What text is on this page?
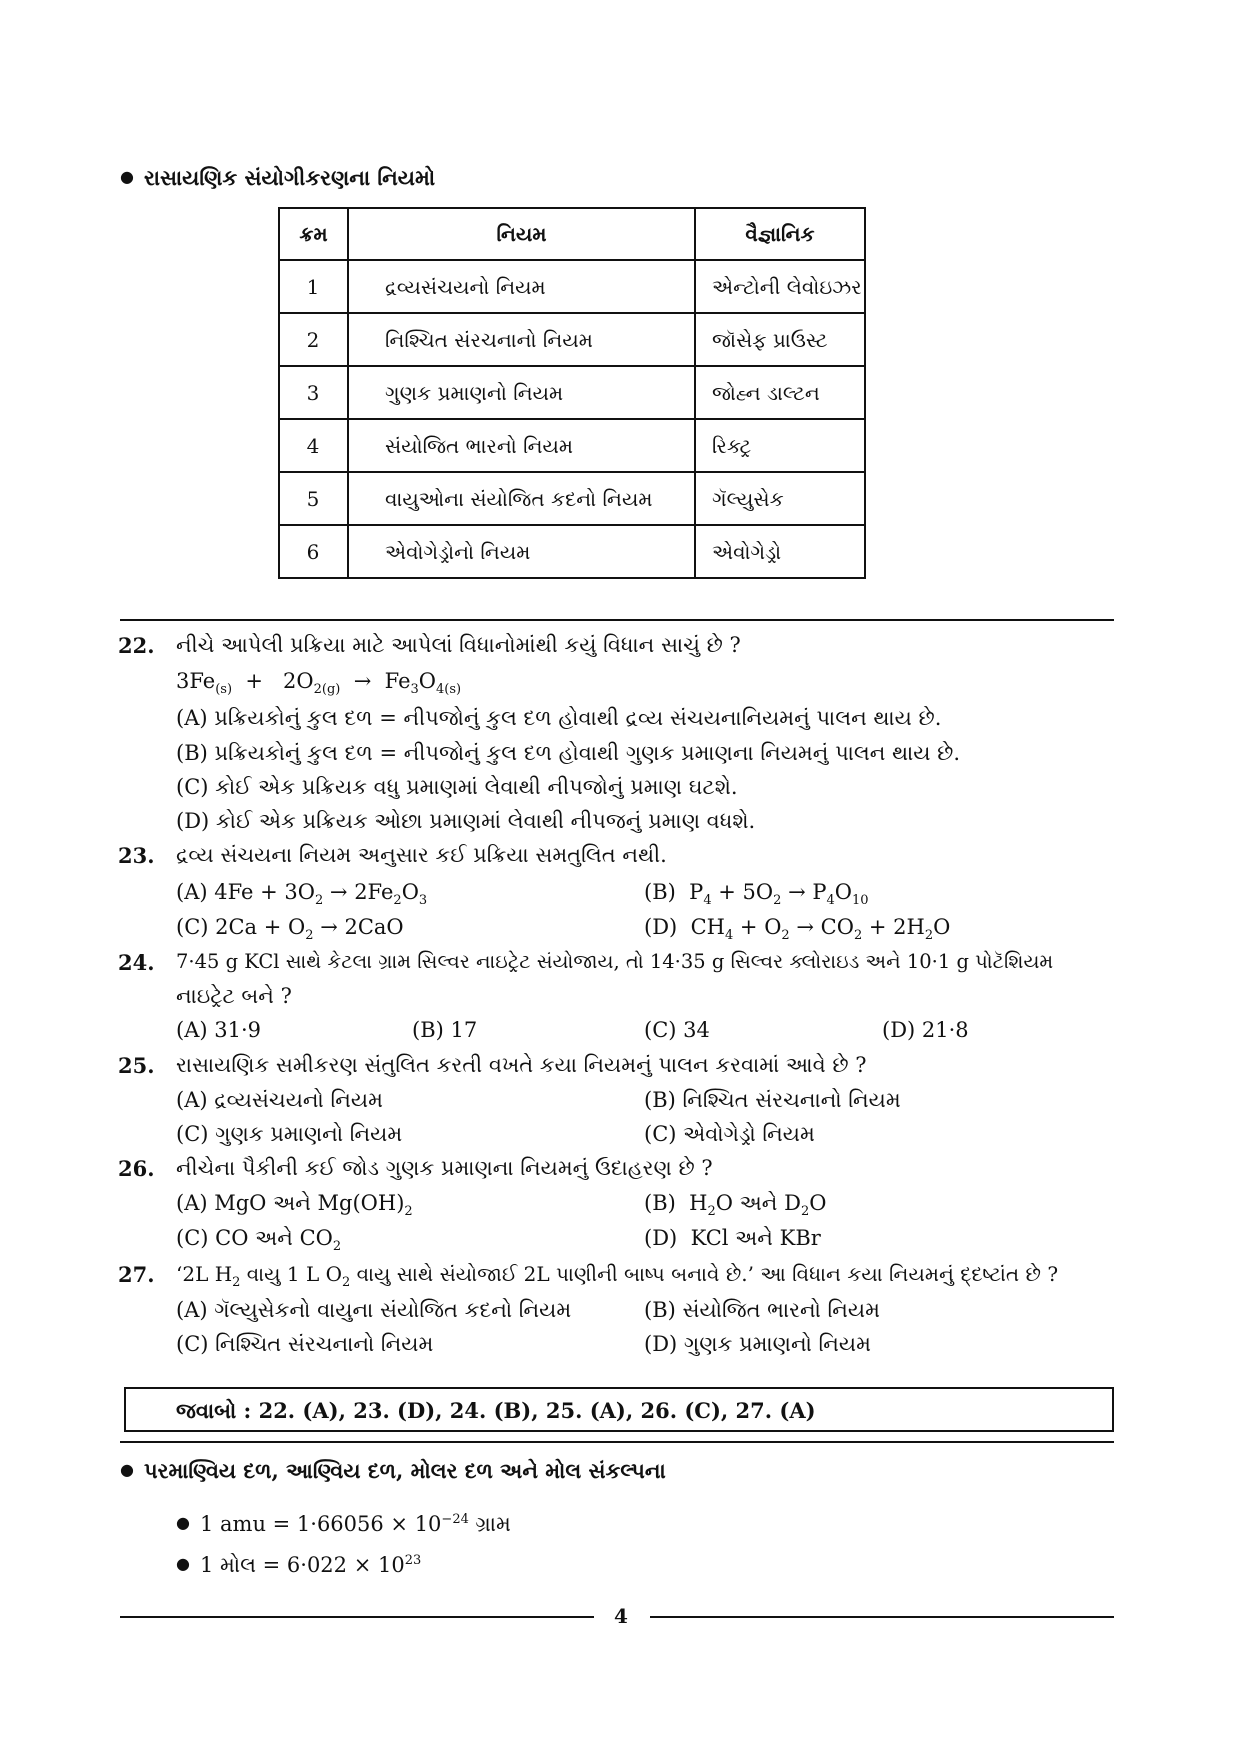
● રાસાયણિક સંયોગીકરણના નિયમો
ક્રમ	નિયમ	વૈજ્ઞાનિક
1	દ્રવ્યસંચયનો નિયમ	એન્ટોની લેવોઇઝર
2	નિશ્ચિત સંરચનાનો નિયમ	જૉસેફ પ્રાઉસ્ટ
3	ગુણક પ્રમાણનો નિયમ	જોહ્ન ડાલ્ટન
4	સંયોજિત ભારનો નિયમ	રિક્ટ્ર
5	વાયુઓના સંયોજિત કદનો નિયમ	ગૅલ્યુસેક
6	એવોગેડ્રોનો નિયમ	એવોગેડ્રો
22. નીચે આપેલી પ્રક્રિયા માટે આપેલાં વિધાનોમાંથી કયું વિધાન સાચું છે ?
$3Fe_{(s)} + 2O_{2(g)} \to Fe_3O_{4(s)}$
(A) પ્રક્રિયકોનું કુલ દળ = નીપજોનું કુલ દળ હોવાથી દ્રવ્ય સંચયનાનિયમનું પાલન થાય છે.
(B) પ્રક્રિયકોનું કુલ દળ = નીપજોનું કુલ દળ હોવાથી ગુણક પ્રમાણના નિયમનું પાલન થાય છે.
(C) કોઈ એક પ્રક્રિયક વધુ પ્રમાણમાં લેવાથી નીપજોનું પ્રમાણ ઘટશે.
(D) કોઈ એક પ્રક્રિયક ઓછા પ્રમાણમાં લેવાથી નીપજનું પ્રમાણ વધશે.
23. દ્રવ્ય સંચયના નિયમ અનુસાર કઈ પ્રક્રિયા સમતુલિત નથી.
(A) $4Fe + 3O_2 \to 2Fe_2O_3$	(B)  $P_4 + 5O_2 \to P_4O_{10}$
(C) $2Ca + O_2 \to 2CaO$	(D)  $CH_4 + O_2 \to CO_2 + 2H_2O$
24. 7·45 g KCl સાથે કેટલા ગ્રામ સિલ્વર નાઇટ્રેટ સંયોજાય, તો 14·35 g સિલ્વર ક્લોરાઇડ અને 10·1 g પોટૅશિયમ
નાઇટ્રેટ બને ?
(A) 31·9	(B) 17	(C) 34	(D) 21·8
25. રાસાયણિક સમીકરણ સંતુલિત કરતી વખતે કયા નિયમનું પાલન કરવામાં આવે છે ?
(A) દ્રવ્યસંચયનો નિયમ	(B) નિશ્ચિત સંરચનાનો નિયમ
(C) ગુણક પ્રમાણનો નિયમ	(C) એવોગેડ્રો નિયમ
26. નીચેના પૈકીની કઈ જોડ ગુણક પ્રમાણના નિયમનું ઉદાહરણ છે ?
(A) MgO અને $Mg(OH)_2$	(B)  $H_2O$ અને $D_2O$
(C) CO અને $CO_2$	(D)  KCl અને KBr
27. ‘2L $H_2$ વાયુ 1 L $O_2$ વાયુ સાથે સંયોજાઈ 2L પાણીની બાષ્પ બનાવે છે.’ આ વિધાન કયા નિયમનું દ્દષ્ટાંત છે ?
(A) ગૅલ્યુસેકનો વાયુના સંયોજિત કદનો નિયમ	(B) સંયોજિત ભારનો નિયમ
(C) નિશ્ચિત સંરચનાનો નિયમ	(D) ગુણક પ્રમાણનો નિયમ
જવાબો : 22. (A), 23. (D), 24. (B), 25. (A), 26. (C), 27. (A)
● પરમાણ્વિય દળ, આણ્વિય દળ, મોલર દળ અને મોલ સંકલ્પના
● 1 amu = $1\cdot 66056 \times 10^{-24}$ ગ્રામ
● 1 મોલ = $6\cdot 022 \times 10^{23}$
4
